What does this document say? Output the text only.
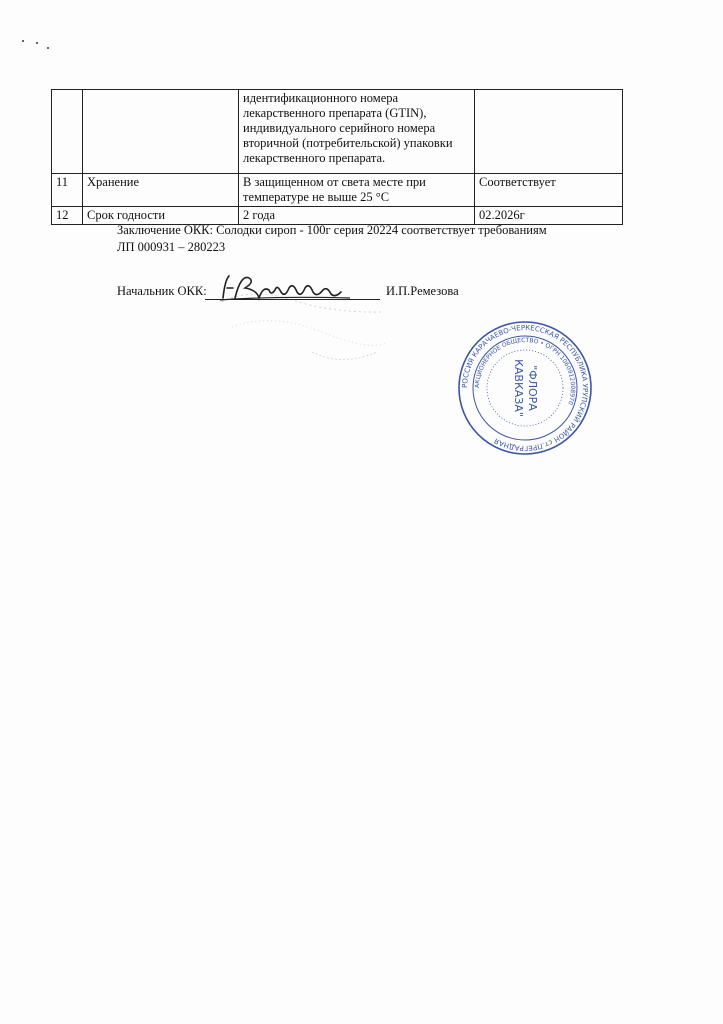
		идентификационного номера лекарственного препарата (GTIN), индивидуального серийного номера вторичной (потребительской) упаковки лекарственного препарата.	
11	Хранение	В защищенном от света месте при температуре не выше 25 °С	Соответствует
12	Срок годности	2 года	02.2026г
Заключение ОКК: Солодки сироп - 100г серия 20224 соответствует требованиям
ЛП 000931 – 280223
Начальник ОКК:	И.П.Ремезова
РОССИЯ КАРАЧАЕВО-ЧЕРКЕССКАЯ РЕСПУБЛИКА УРУПСКИЙ РАЙОН ст.ПРЕГРАДНАЯ
АКЦИОНЕРНОЕ ОБЩЕСТВО • ОГРН 1060912008970
"ФЛОРА
КАВКАЗА"
